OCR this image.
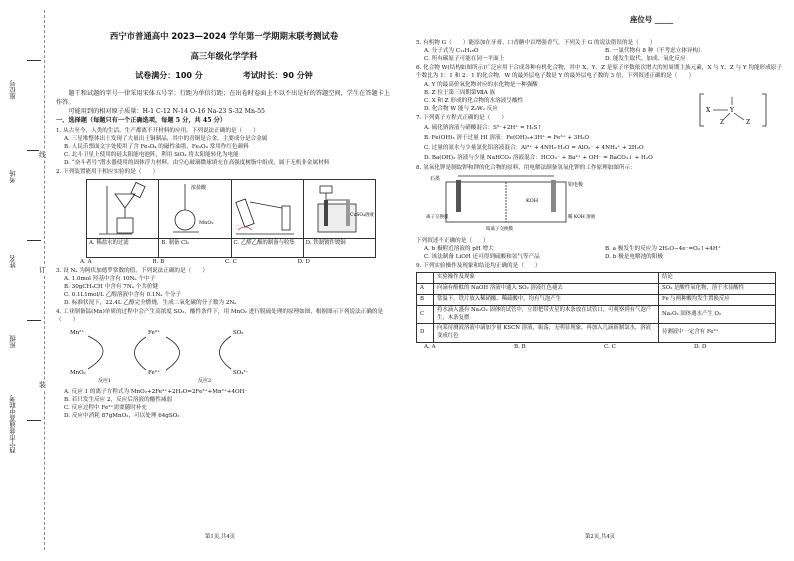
座位号
考场
姓名
班级
西宁市普通高中联考
线
订
装
西宁市普通高中 2023—2024 学年第一学期期末联考测试卷
高三年级化学学科
试卷满分：100 分	考试时长：90 分钟

　　题干和试题的字号一律采用宋体五号字；行距为单倍行距；在出卷时卷面上不以不出是好的答题空间，学生在答题卡上作答。

　　可能用到的相对原子质量：H-1 C-12 N-14 O-16 Na-23 S-32 Mn-55

一、选择题（每题只有一个正确选项，每题 5 分，共 45 分）

1. 从古至今，人类的生活、生产都离不开材料的应用，下列说法正确的是（　　）

A. 三星堆整体出土发现了大量出土铜制品，其中的青铜是合金，主要成分是合金属

B. 人民币票面文字处使用了含 Fe₃O₄ 的磁性油墨，Fe₃O₄ 常用作红色颜料

C. 北斗卫星上使用的硅太阳能电池阵，利用 SiO₂ 将太阳能转化为电能

D. “奋斗者号”潜水器使用的固体浮力材料，由空心玻璃微球填充在高强度树脂中组成，属于无机非金属材料

2. 下列装置能用于相应实验的是（　　）

浓盐酸
MnO₂
CuSO₄溶液
A. 稀盐水的过滤	B. 制备 Cl₂	C. 乙醛乙酯的制备与收集	D. 铁制镀件镀铜
A. A	B. B	C. C	D. D

3. 设 Nₐ 为阿伏加德罗常数的值，下列说法正确的是（　　）

A. 1.0mol 羟基中含有 10Nₐ 个中子

B. 30gCH₃CH 中含有 7Nₐ 个共价键

C. 0.1L1mol/L 乙醇溶液中含有 0.1Nₐ 个分子

D. 标准状况下，22.4L 乙醇完全燃烧，生成二氧化碳的分子数为 2Nₐ

4. 工业制备锰(Mn)单质的过程中会产生高浓度 SO₂，酸性条件下，用 MnO₂ 进行脱硫处理的原理如图，根据图示下列说法正确的是（　　）

Mn²⁺	Fe³⁺	SO₂
MnO₂	Fe²⁺	SO₄²⁻
反应1	反应2

A. 反应 1 的离子方程式为 MnO₂+2Fe²⁺+2H₂O=2Fe³⁺+Mn²⁺+4OH⁻

B. 若只发生反应 2，反应后溶液的酸性减弱

C. 反应过程中 Fe³⁺需要随时补充

D. 反应中消耗 87gMnO₂，可以处理 64gSO₂

第1页,共4页
座位号 _____

5. 有机物 G（　　）能添加在牙膏、口香糖中以增强香气，下列关于 G 的说法错误的是（　　）

A. 分子式为 C₁₁H₁₈O	B. 一氯代物有 8 种（不考虑立体异构）
C. 所有碳原子可能在同一平面上	D. 能发生取代、加成、氧化反应

6. 化合物 W(结构如图所示)广泛应用于合成各种有机化合物，其中 X、Y、Z 是原子序数依次增大的短周期主族元素，X 与 Y、Z 与 Y 均能形成原子个数比为 1：1 和 2：1 的化合物，W 的最外层电子数是 Y 的最外层电子数的 3 倍，下列叙述正确的是（　　）

A. Y 的最高价氧化物对应的水化物是一种强酸

B. Z 位于第三周期第ⅦA 族

C. X 和 Z 形成的化合物的水溶液呈酸性

D. 化合物 W 能与 Z₂W₂ 反应	X	Y
Z
Z

7. 下列离子方程式正确的是（　　）

A. 硫化钠溶液与硝酸混合：S²⁻+2H⁺ = H₂S↑

B. Fe(OH)₃ 溶于过量 HI 溶液：Fe(OH)₃+3H⁺ = Fe³⁺ + 3H₂O

C. 过量的氨水与少量氯化铝溶液混合：Al³⁺ + 4NH₃·H₂O = AlO₂⁻ + 4NH₄⁺ + 2H₂O

D. Ba(OH)₂ 溶液与少量 NaHCO₃ 溶液混合：HCO₃⁻ + Ba²⁺ + OH⁻ = BaCO₃↓ + H₂O

8. 氢氧化钾是制取钾和钾的化合物的原料，用电解法制备氢氧化钾的工作原理如图所示：

石墨
离子交换膜
阳离子交换膜
稀 KOH 溶液
KOH
铅电极

下列叙述不正确的是（　　）

A. b 极附近溶液的 pH 增大	B. a 极发生的反应为 2H₂O−4e⁻=O₂↑+4H⁺
C. 该法制备 LiOH 还可得到硫酸和氢气等产品	D. b 极是电解池的阳极

9. 下列实验操作及现象和结论均正确的是（　　）

	实验操作及现象	结论
A	向滴有酚酞的 NaOH 溶液中通入 SO₂ 溶液红色褪去	SO₂ 是酸性氧化物，溶于水显酸性
B	常温下，铁片放入稀硝酸、稀硫酸中，均有气泡产生	Fe 与两种酸均发生置换反应
C	将水滴入盛有 Na₂O₂ 固体的试管中，立即把带火星的木条放在试管口，可观察到有气泡产生，木条复燃	Na₂O₂ 固体遇水产生 O₂
D	向某待测液溶液中滴加少量 KSCN 溶液，振荡，无明显现象，再加入几滴新制氯水，溶液变成红色	待测液中一定含有 Fe²⁺
A. A	B. B	C. C	D. D
第2页,共4页
